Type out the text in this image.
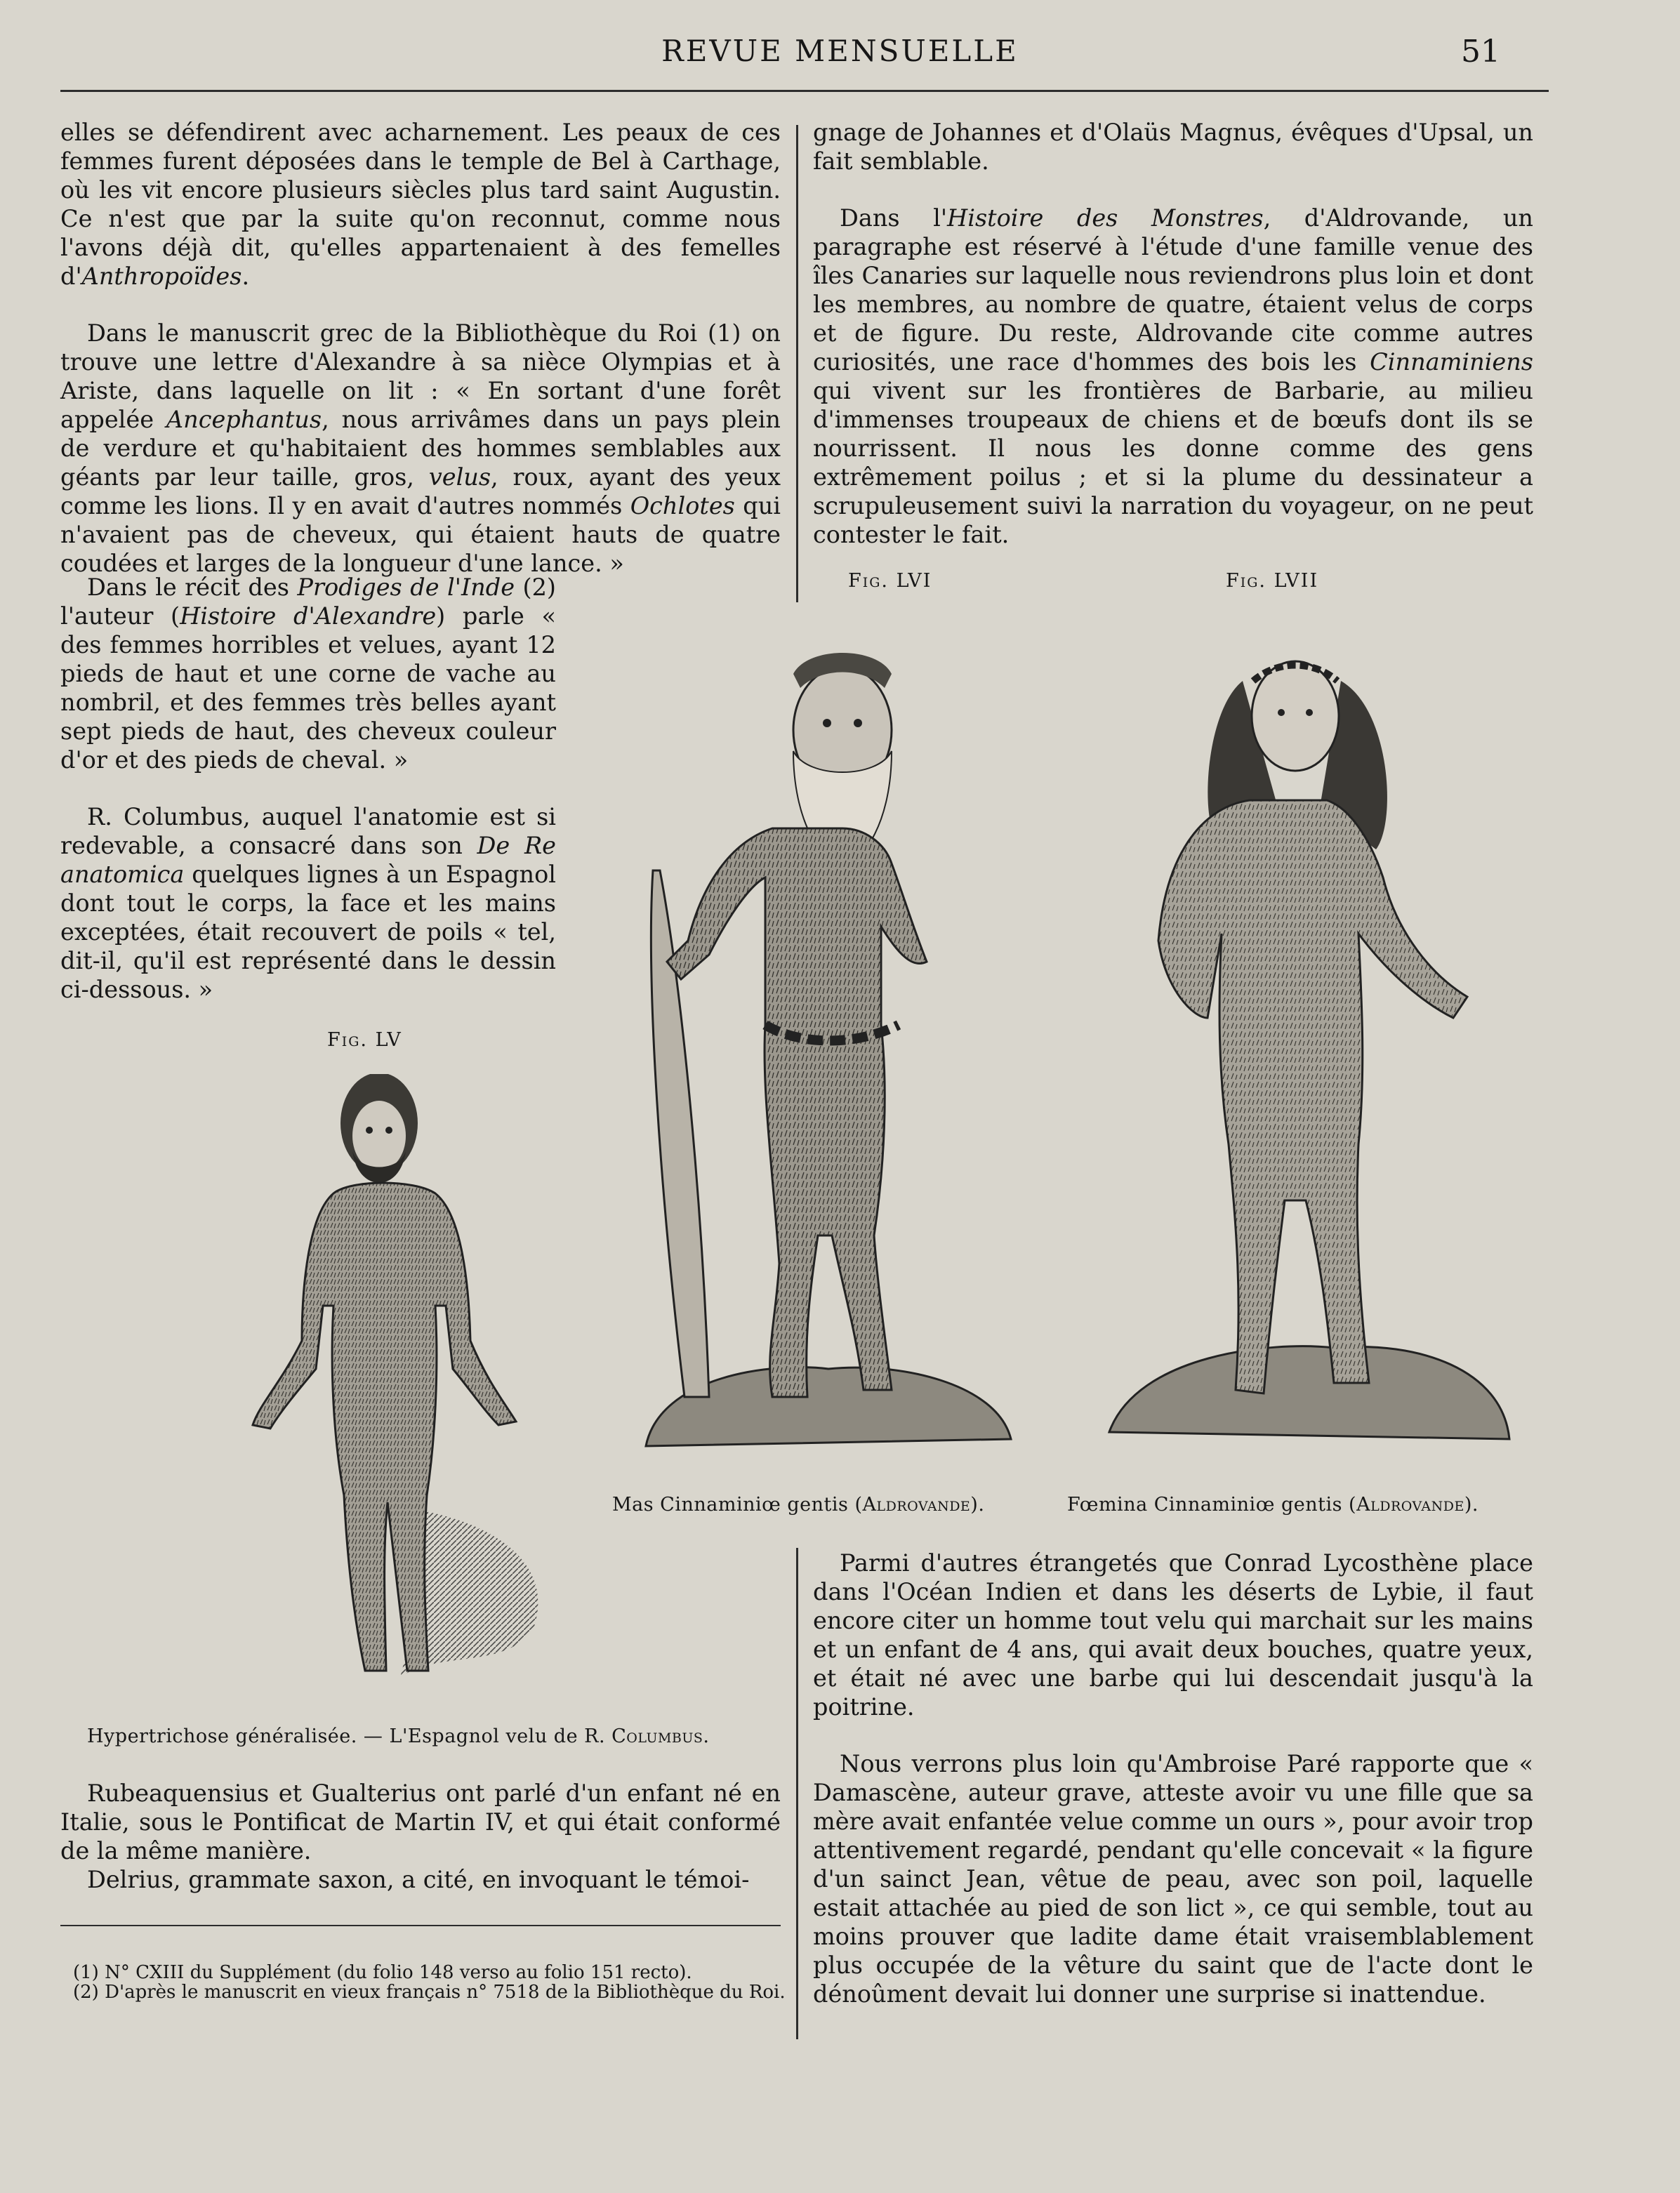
REVUE MENSUELLE	51

elles se défendirent avec acharnement. Les peaux de ces femmes furent déposées dans le temple de Bel à Carthage, où les vit encore plusieurs siècles plus tard saint Augustin. Ce n'est que par la suite qu'on reconnut, comme nous l'avons déjà dit, qu'elles appartenaient à des femelles d'Anthropoïdes.

Dans le manuscrit grec de la Bibliothèque du Roi (1) on trouve une lettre d'Alexandre à sa nièce Olympias et à Ariste, dans laquelle on lit : « En sortant d'une forêt appelée Ancephantus, nous arrivâmes dans un pays plein de verdure et qu'habitaient des hommes semblables aux géants par leur taille, gros, velus, roux, ayant des yeux comme les lions. Il y en avait d'autres nommés Ochlotes qui n'avaient pas de cheveux, qui étaient hauts de quatre coudées et larges de la longueur d'une lance. »

Dans le récit des Prodiges de l'Inde (2) l'auteur (Histoire d'Alexandre) parle « des femmes horribles et velues, ayant 12 pieds de haut et une corne de vache au nombril, et des femmes très belles ayant sept pieds de haut, des cheveux couleur d'or et des pieds de cheval. »

R. Columbus, auquel l'anatomie est si redevable, a consacré dans son De Re anatomica quelques lignes à un Espagnol dont tout le corps, la face et les mains exceptées, était recouvert de poils « tel, dit-il, qu'il est représenté dans le dessin ci-dessous. »

Fig. LV
Hypertrichose généralisée. — L'Espagnol velu de R. Columbus.
Fig. LVI
Mas Cinnaminiœ gentis (Aldrovande).
Fig. LVII
Fœmina Cinnaminiœ gentis (Aldrovande).

gnage de Johannes et d'Olaüs Magnus, évêques d'Upsal, un fait semblable.

Dans l'Histoire des Monstres, d'Aldrovande, un paragraphe est réservé à l'étude d'une famille venue des îles Canaries sur laquelle nous reviendrons plus loin et dont les membres, au nombre de quatre, étaient velus de corps et de figure. Du reste, Aldrovande cite comme autres curiosités, une race d'hommes des bois les Cinnaminiens qui vivent sur les frontières de Barbarie, au milieu d'immenses troupeaux de chiens et de bœufs dont ils se nourrissent. Il nous les donne comme des gens extrêmement poilus ; et si la plume du dessinateur a scrupuleusement suivi la narration du voyageur, on ne peut contester le fait.

Rubeaquensius et Gualterius ont parlé d'un enfant né en Italie, sous le Pontificat de Martin IV, et qui était conformé de la même manière.

Delrius, grammate saxon, a cité, en invoquant le témoi-

(1) N° CXIII du Supplément (du folio 148 verso au folio 151 recto).

(2) D'après le manuscrit en vieux français n° 7518 de la Bibliothèque du Roi.

Parmi d'autres étrangetés que Conrad Lycosthène place dans l'Océan Indien et dans les déserts de Lybie, il faut encore citer un homme tout velu qui marchait sur les mains et un enfant de 4 ans, qui avait deux bouches, quatre yeux, et était né avec une barbe qui lui descendait jusqu'à la poitrine.

Nous verrons plus loin qu'Ambroise Paré rapporte que « Damascène, auteur grave, atteste avoir vu une fille que sa mère avait enfantée velue comme un ours », pour avoir trop attentivement regardé, pendant qu'elle concevait « la figure d'un sainct Jean, vêtue de peau, avec son poil, laquelle estait attachée au pied de son lict », ce qui semble, tout au moins prouver que ladite dame était vraisemblablement plus occupée de la vêture du saint que de l'acte dont le dénoûment devait lui donner une surprise si inattendue.
